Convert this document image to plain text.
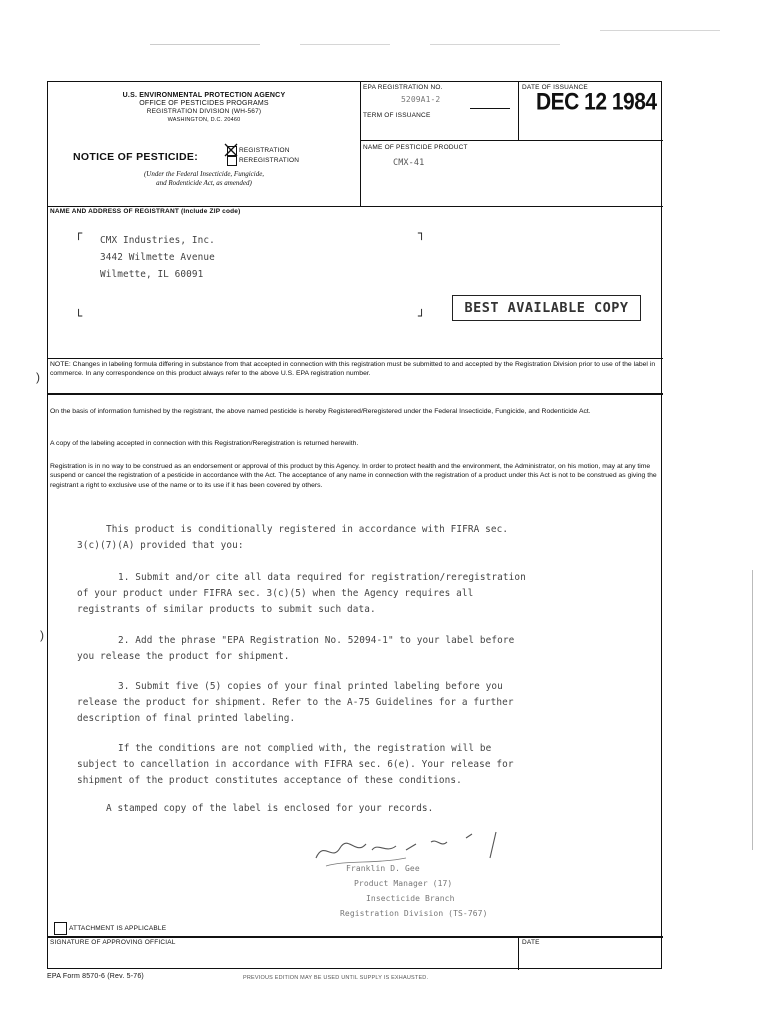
U.S. ENVIRONMENTAL PROTECTION AGENCY
OFFICE OF PESTICIDES PROGRAMS
REGISTRATION DIVISION (WH-567)
WASHINGTON, D.C. 20460
NOTICE OF PESTICIDE:
REGISTRATION
REREGISTRATION
(Under the Federal Insecticide, Fungicide,
and Rodenticide Act, as amended)
EPA REGISTRATION NO.
5209A1-2
TERM OF ISSUANCE
DATE OF ISSUANCE
DEC 12 1984
NAME OF PESTICIDE PRODUCT
CMX-41
NAME AND ADDRESS OF REGISTRANT (Include ZIP code)
┌	┐
└	┘
CMX Industries, Inc.
3442 Wilmette Avenue
Wilmette, IL 60091
BEST AVAILABLE COPY
NOTE: Changes in labeling formula differing in substance from that accepted in connection with this registration must be submitted to and accepted by the Registration Division prior to use of the label in commerce. In any correspondence on this product always refer to the above U.S. EPA registration number.
On the basis of information furnished by the registrant, the above named pesticide is hereby Registered/Reregistered under the Federal Insecticide, Fungicide, and Rodenticide Act.
A copy of the labeling accepted in connection with this Registration/Reregistration is returned herewith.
Registration is in no way to be construed as an endorsement or approval of this product by this Agency. In order to protect health and the environment, the Administrator, on his motion, may at any time suspend or cancel the registration of a pesticide in accordance with the Act. The acceptance of any name in connection with the registration of a product under this Act is not to be construed as giving the registrant a right to exclusive use of the name or to its use if it has been covered by others.
This product is conditionally registered in accordance with FIFRA sec.
3(c)(7)(A) provided that you:
1. Submit and/or cite all data required for registration/reregistration
of your product under FIFRA sec. 3(c)(5) when the Agency requires all
registrants of similar products to submit such data.
2. Add the phrase "EPA Registration No. 52094-1" to your label before
you release the product for shipment.
3. Submit five (5) copies of your final printed labeling before you
release the product for shipment. Refer to the A-75 Guidelines for a further
description of final printed labeling.
If the conditions are not complied with, the registration will be
subject to cancellation in accordance with FIFRA sec. 6(e). Your release for
shipment of the product constitutes acceptance of these conditions.
A stamped copy of the label is enclosed for your records.
Franklin D. Gee
Product Manager (17)
Insecticide Branch
Registration Division (TS-767)
ATTACHMENT IS APPLICABLE
SIGNATURE OF APPROVING OFFICIAL	DATE
)
)
EPA Form 8570-6 (Rev. 5-76)	PREVIOUS EDITION MAY BE USED UNTIL SUPPLY IS EXHAUSTED.
